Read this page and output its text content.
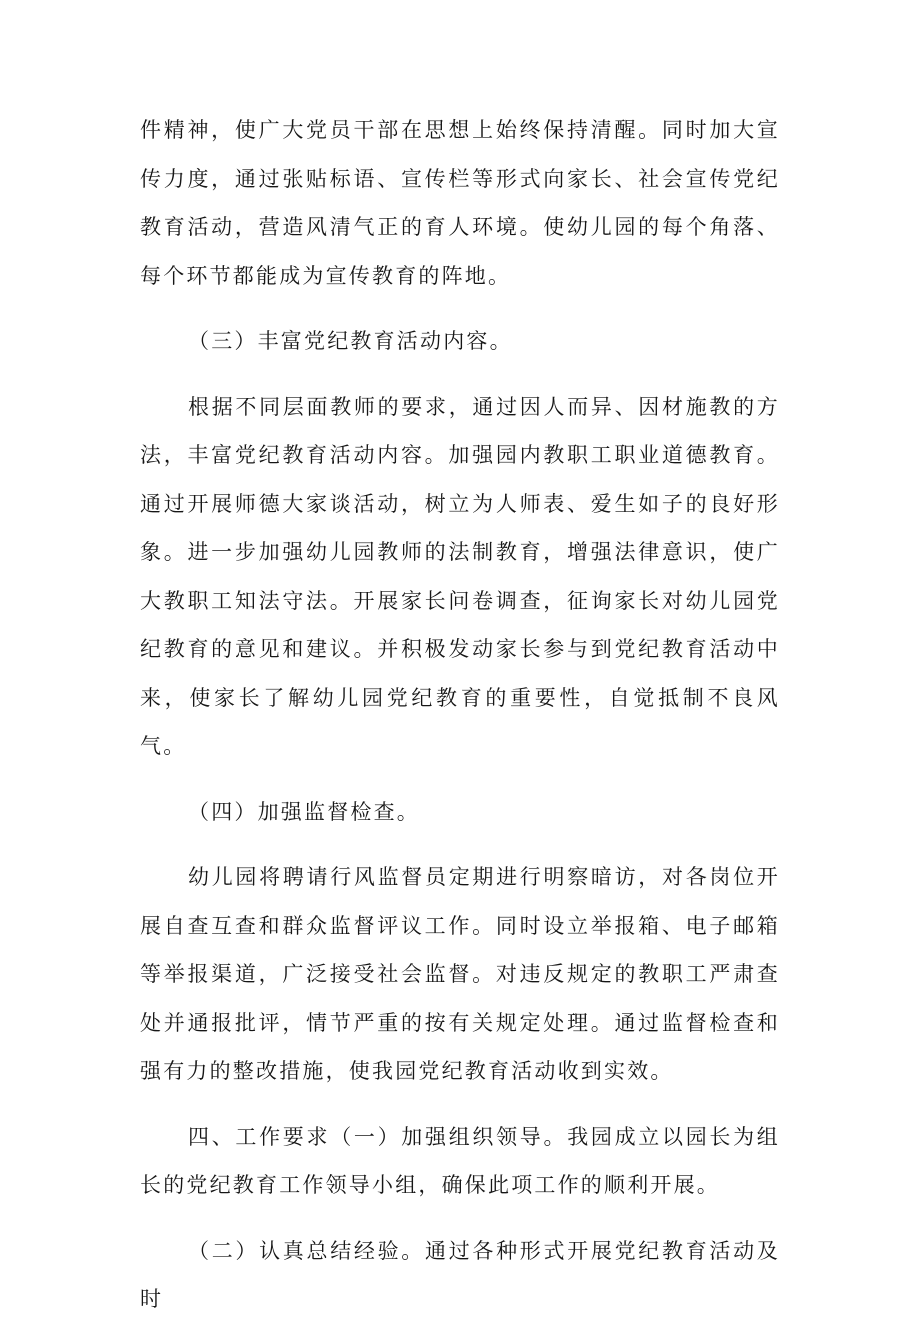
件精神，使广大党员干部在思想上始终保持清醒。同时加大宣传力度，通过张贴标语、宣传栏等形式向家长、社会宣传党纪教育活动，营造风清气正的育人环境。使幼儿园的每个角落、每个环节都能成为宣传教育的阵地。

（三）丰富党纪教育活动内容。

根据不同层面教师的要求，通过因人而异、因材施教的方法，丰富党纪教育活动内容。加强园内教职工职业道德教育。通过开展师德大家谈活动，树立为人师表、爱生如子的良好形象。进一步加强幼儿园教师的法制教育，增强法律意识，使广大教职工知法守法。开展家长问卷调查，征询家长对幼儿园党纪教育的意见和建议。并积极发动家长参与到党纪教育活动中来，使家长了解幼儿园党纪教育的重要性，自觉抵制不良风气。

（四）加强监督检查。

幼儿园将聘请行风监督员定期进行明察暗访，对各岗位开展自查互查和群众监督评议工作。同时设立举报箱、电子邮箱等举报渠道，广泛接受社会监督。对违反规定的教职工严肃查处并通报批评，情节严重的按有关规定处理。通过监督检查和强有力的整改措施，使我园党纪教育活动收到实效。

四、工作要求（一）加强组织领导。我园成立以园长为组长的党纪教育工作领导小组，确保此项工作的顺利开展。

（二）认真总结经验。通过各种形式开展党纪教育活动及时
